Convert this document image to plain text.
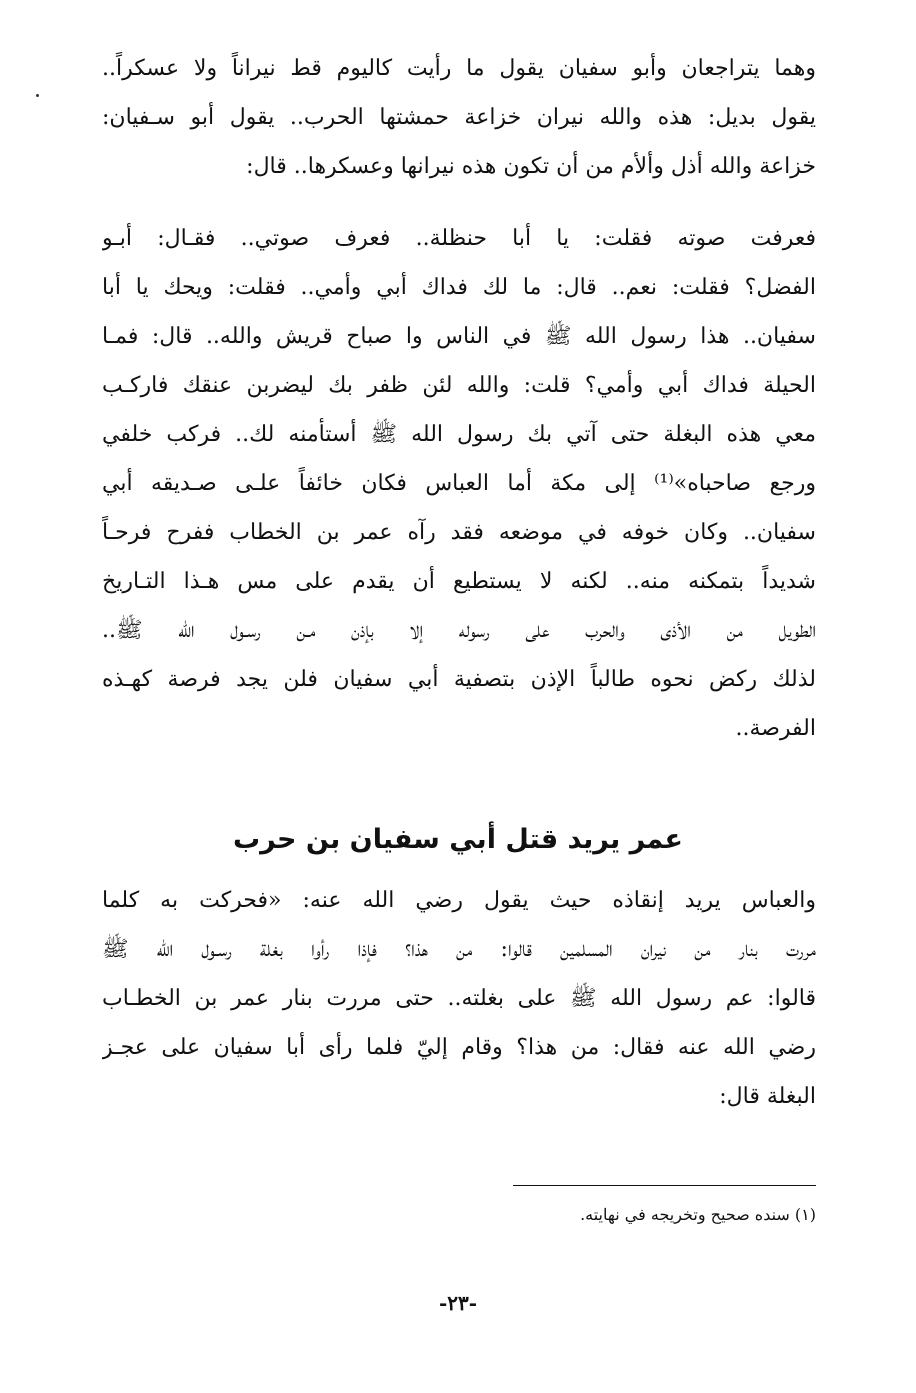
وهما يتراجعان وأبو سفيان يقول ما رأيت كاليوم قط نيراناً ولا عسكراً..
يقول بديل: هذه والله نيران خزاعة حمشتها الحرب.. يقول أبو سـفيان:
خزاعة والله أذل وألأم من أن تكون هذه نيرانها وعسكرها.. قال:
فعرفت صوته فقلت: يا أبا حنظلة.. فعرف صوتي.. فقـال: أبـو
الفضل؟ فقلت: نعم.. قال: ما لك فداك أبي وأمي.. فقلت: ويحك يا أبا
سفيان.. هذا رسول الله ﷺ في الناس وا صباح قريش والله.. قال: فمـا
الحيلة فداك أبي وأمي؟ قلت: والله لئن ظفر بك ليضربن عنقك فاركـب
معي هذه البغلة حتى آتي بك رسول الله ﷺ أستأمنه لك.. فركب خلفي
ورجع صاحباه»⁽¹⁾ إلى مكة أما العباس فكان خائفاً علـى صـديقه أبي
سفيان.. وكان خوفه في موضعه فقد رآه عمر بن الخطاب ففرح فرحـاً
شديداً بتمكنه منه.. لكنه لا يستطيع أن يقدم على مس هـذا التـاريخ
الطويل من الأذى والحرب على رسوله إلا بإذن مـن رسـول الله ﷺ..
لذلك ركض نحوه طالباً الإذن بتصفية أبي سفيان فلن يجد فرصة كهـذه
الفرصة..
عمر يريد قتل أبي سفيان بن حرب
والعباس يريد إنقاذه حيث يقول رضي الله عنه: «فحركت به كلما
مررت بنار من نيران المسلمين قالوا: من هذا؟ فإذا رأوا بغلة رسـول الله ﷺ
قالوا: عم رسول الله ﷺ على بغلته.. حتى مررت بنار عمر بن الخطـاب
رضي الله عنه فقال: من هذا؟ وقام إليّ فلما رأى أبا سفيان على عجـز
البغلة قال:
(١) سنده صحيح وتخريجه في نهايته.
-٢٣-
